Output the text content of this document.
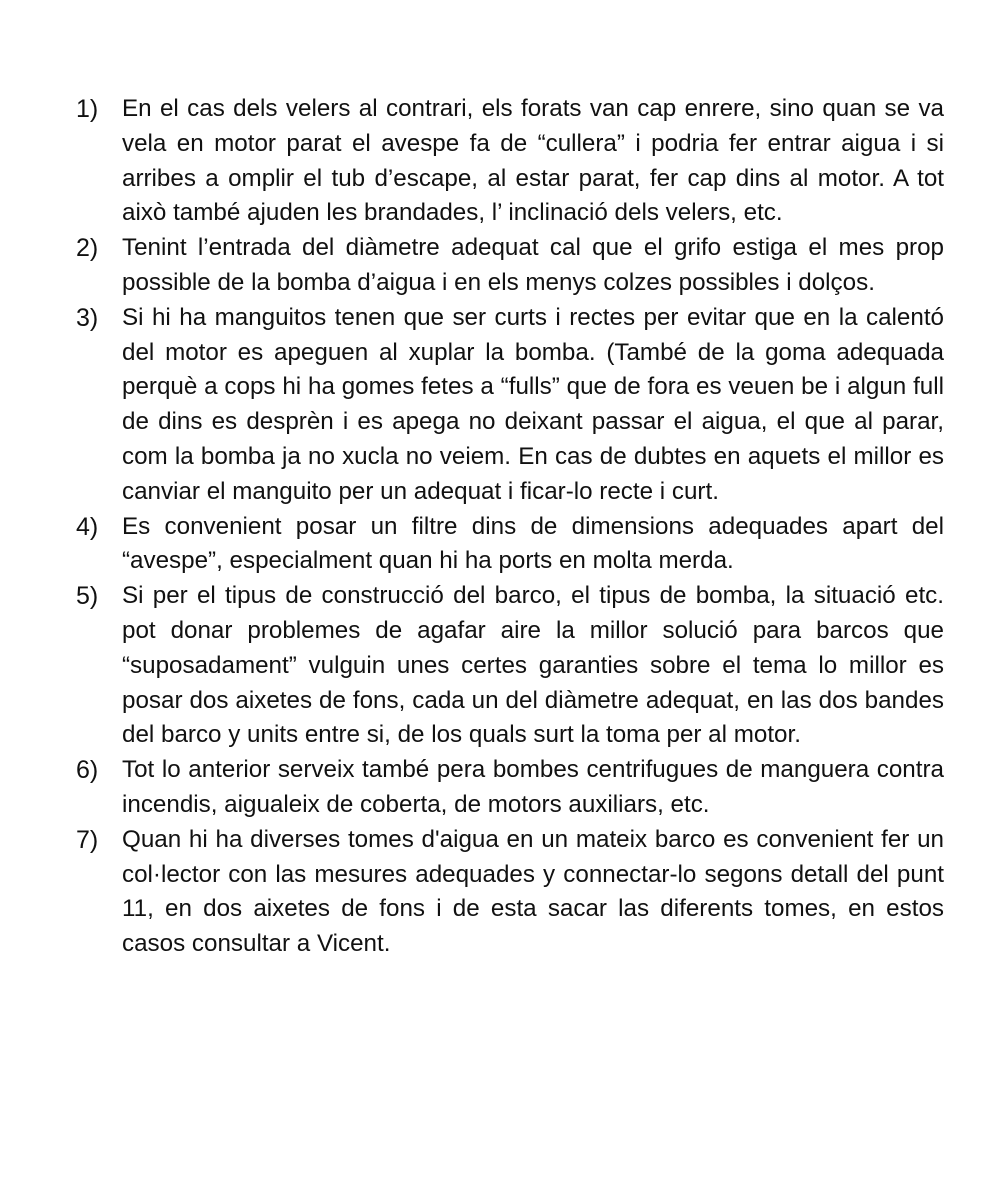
1) En el cas dels velers al contrari, els forats van cap enrere, sino quan se va vela en motor parat el avespe fa de “cullera” i podria fer entrar aigua i si arribes a omplir el tub d’escape, al estar parat, fer cap dins al motor. A tot això també ajuden les brandades, l’ inclinació dels velers, etc.
2) Tenint l’entrada del diàmetre adequat cal que el grifo estiga el mes prop possible de la bomba d’aigua i en els menys colzes possibles i dolços.
3) Si hi ha manguitos tenen que ser curts i rectes per evitar que en la calentó del motor es apeguen al xuplar la bomba. (També de la goma adequada perquè a cops hi ha gomes fetes a “fulls” que de fora es veuen be i algun full de dins es desprèn i es apega no deixant passar el aigua, el que al parar, com la bomba ja no xucla no veiem. En cas de dubtes en aquets el millor es canviar el manguito per un adequat i ficar-lo recte i curt.
4) Es convenient posar un filtre dins de dimensions adequades apart del “avespe”, especialment quan hi ha ports en molta merda.
5) Si per el tipus de construcció del barco, el tipus de bomba, la situació etc. pot donar problemes de agafar aire la millor solució para barcos que “suposadament” vulguin unes certes garanties sobre el tema lo millor es posar dos aixetes de fons, cada un del diàmetre adequat, en las dos bandes del barco y units entre si, de los quals surt la toma per al motor.
6) Tot lo anterior serveix també pera bombes centrifugues de manguera contra incendis, aigualeix de coberta, de motors auxiliars, etc.
7) Quan hi ha diverses tomes d'aigua en un mateix barco es convenient fer un col·lector con las mesures adequades y connectar-lo segons detall del punt 11, en dos aixetes de fons i de esta sacar las diferents tomes, en estos casos consultar a Vicent.
